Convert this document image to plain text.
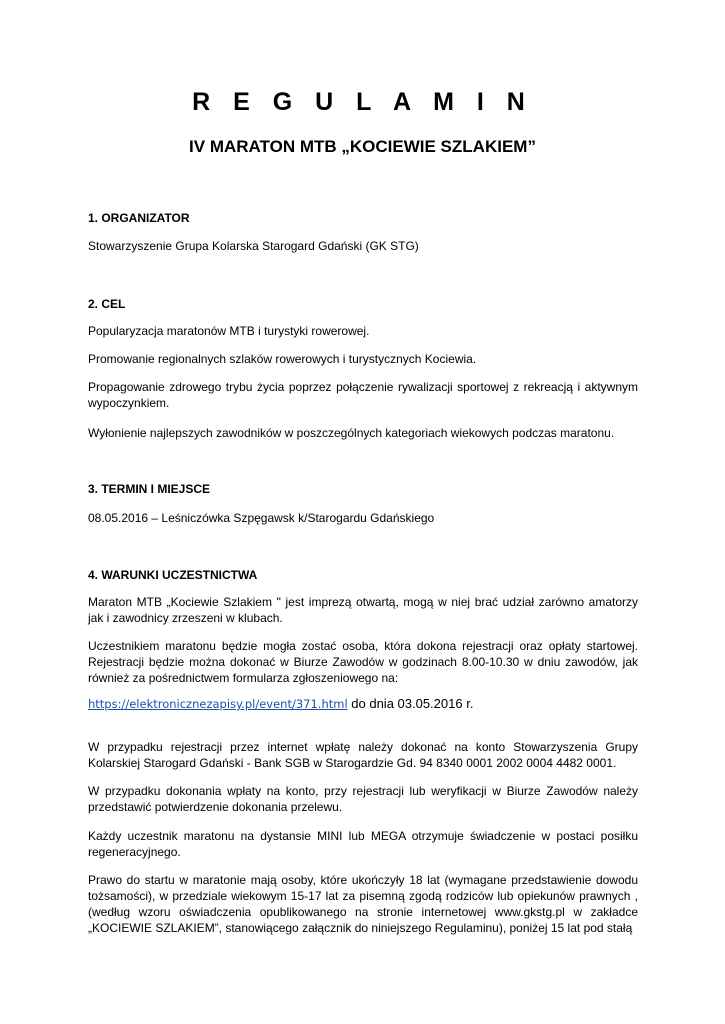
R E G U L A M I N
IV MARATON MTB „KOCIEWIE SZLAKIEM”

1. ORGANIZATOR

Stowarzyszenie Grupa Kolarska Starogard Gdański (GK STG)

2. CEL

Popularyzacja maratonów MTB i turystyki rowerowej.

Promowanie regionalnych szlaków rowerowych i turystycznych Kociewia.

Propagowanie zdrowego trybu życia poprzez połączenie rywalizacji sportowej z rekreacją i aktywnym wypoczynkiem.

Wyłonienie najlepszych zawodników w poszczególnych kategoriach wiekowych podczas maratonu.

3. TERMIN I MIEJSCE

08.05.2016 – Leśniczówka Szpęgawsk k/Starogardu Gdańskiego

4. WARUNKI UCZESTNICTWA

Maraton MTB „Kociewie Szlakiem " jest imprezą otwartą, mogą w niej brać udział zarówno amatorzy jak i zawodnicy zrzeszeni w klubach.

Uczestnikiem maratonu będzie mogła zostać osoba, która dokona rejestracji oraz opłaty startowej. Rejestracji będzie można dokonać w Biurze Zawodów w godzinach 8.00-10.30 w dniu zawodów, jak również za pośrednictwem formularza zgłoszeniowego na:

https://elektronicznezapisy.pl/event/371.html do dnia 03.05.2016 r.

W przypadku rejestracji przez internet wpłatę należy dokonać na konto Stowarzyszenia Grupy Kolarskiej Starogard Gdański - Bank SGB w Starogardzie Gd. 94 8340 0001 2002 0004 4482 0001.

W przypadku dokonania wpłaty na konto, przy rejestracji lub weryfikacji w Biurze Zawodów należy przedstawić potwierdzenie dokonania przelewu.

Każdy uczestnik maratonu na dystansie MINI lub MEGA otrzymuje świadczenie w postaci posiłku regeneracyjnego.

Prawo do startu w maratonie mają osoby, które ukończyły 18 lat (wymagane przedstawienie dowodu tożsamości), w przedziale wiekowym 15-17 lat za pisemną zgodą rodziców lub opiekunów prawnych , (według wzoru oświadczenia opublikowanego na stronie internetowej www.gkstg.pl w zakładce „KOCIEWIE SZLAKIEM”, stanowiącego załącznik do niniejszego Regulaminu), poniżej 15 lat pod stałą
